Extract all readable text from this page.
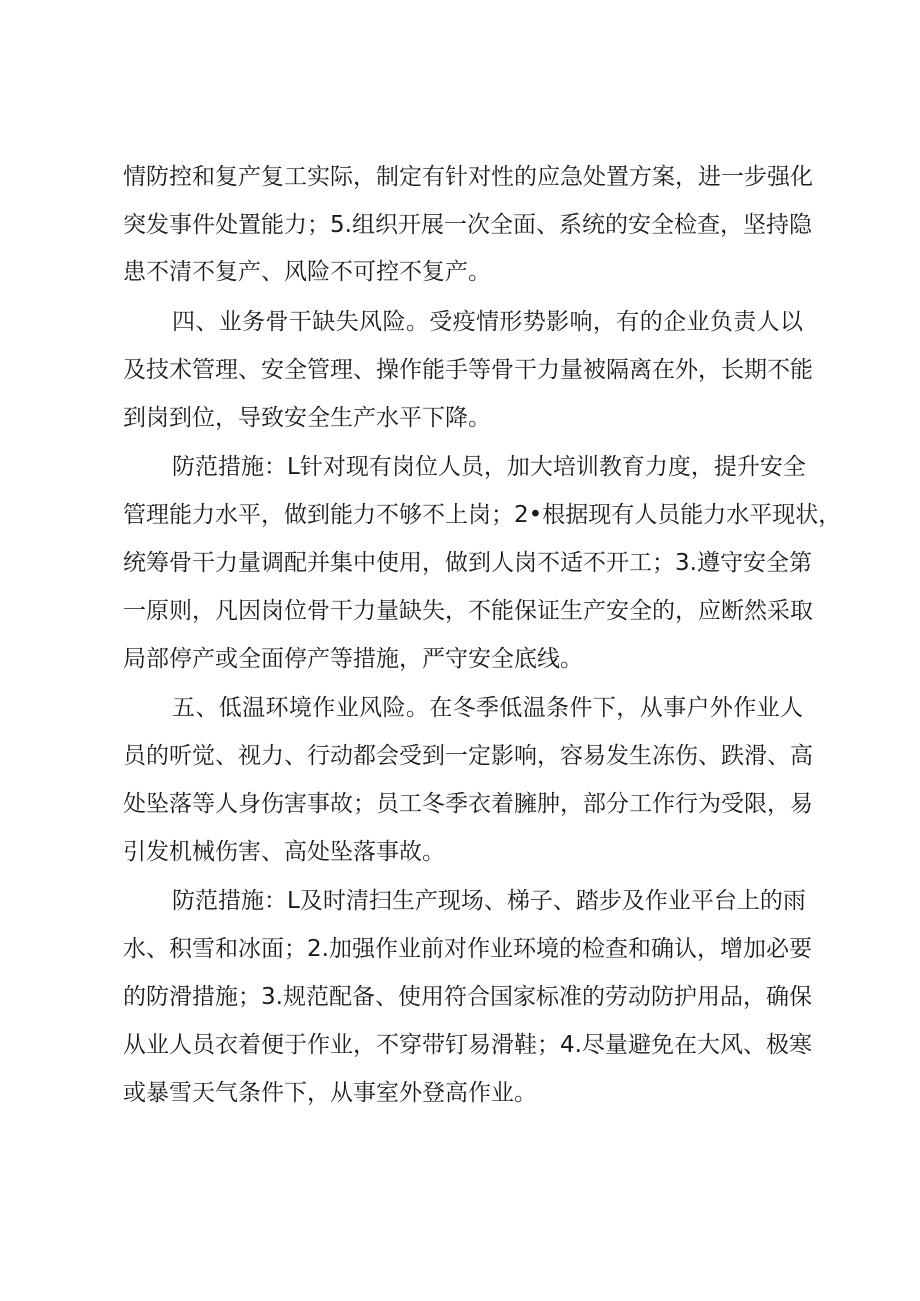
情防控和复产复工实际，制定有针对性的应急处置方案，进一步强化
突发事件处置能力；5.组织开展一次全面、系统的安全检查，坚持隐
患不清不复产、风险不可控不复产。
四、业务骨干缺失风险。受疫情形势影响，有的企业负责人以
及技术管理、安全管理、操作能手等骨干力量被隔离在外，长期不能
到岗到位，导致安全生产水平下降。
防范措施：L针对现有岗位人员，加大培训教育力度，提升安全
管理能力水平，做到能力不够不上岗；2•根据现有人员能力水平现状，
统筹骨干力量调配并集中使用，做到人岗不适不开工；3.遵守安全第
一原则，凡因岗位骨干力量缺失，不能保证生产安全的，应断然采取
局部停产或全面停产等措施，严守安全底线。
五、低温环境作业风险。在冬季低温条件下，从事户外作业人
员的听觉、视力、行动都会受到一定影响，容易发生冻伤、跌滑、高
处坠落等人身伤害事故；员工冬季衣着臃肿，部分工作行为受限，易
引发机械伤害、高处坠落事故。
防范措施：L及时清扫生产现场、梯子、踏步及作业平台上的雨
水、积雪和冰面；2.加强作业前对作业环境的检查和确认，增加必要
的防滑措施；3.规范配备、使用符合国家标准的劳动防护用品，确保
从业人员衣着便于作业，不穿带钉易滑鞋；4.尽量避免在大风、极寒
或暴雪天气条件下，从事室外登高作业。
